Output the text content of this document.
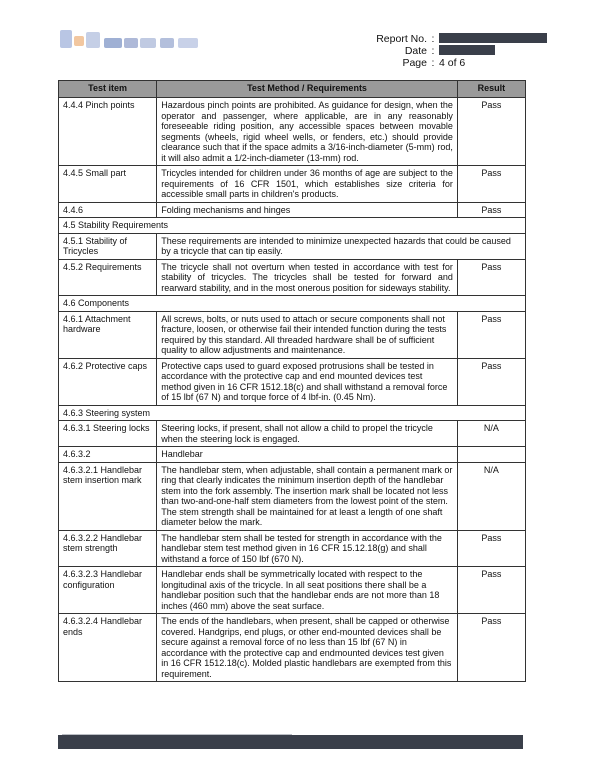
Report No. :
Date :
Page : 4 of 6
Test item	Test Method / Requirements	Result
4.4.4 Pinch points	Hazardous pinch points are prohibited. As guidance for design, when the operator and passenger, where applicable, are in any reasonably foreseeable riding position, any accessible spaces between movable segments (wheels, rigid wheel wells, or fenders, etc.) should provide clearance such that if the space admits a 3/16-inch-diameter (5-mm) rod, it will also admit a 1/2-inch-diameter (13-mm) rod.	Pass
4.4.5 Small part	Tricycles intended for children under 36 months of age are subject to the requirements of 16 CFR 1501, which establishes size criteria for accessible small parts in children's products.	Pass
4.4.6	Folding mechanisms and hinges	Pass
4.5 Stability Requirements		
4.5.1 Stability of Tricycles	These requirements are intended to minimize unexpected hazards that could be caused by a tricycle that can tip easily.	
4.5.2 Requirements	The tricycle shall not overturn when tested in accordance with test for stability of tricycles. The tricycles shall be tested for forward and rearward stability, and in the most onerous position for sideways stability.	Pass
4.6 Components		
4.6.1 Attachment hardware	All screws, bolts, or nuts used to attach or secure components shall not fracture, loosen, or otherwise fail their intended function during the tests required by this standard. All threaded hardware shall be of sufficient quality to allow adjustments and maintenance.	Pass
4.6.2 Protective caps	Protective caps used to guard exposed protrusions shall be tested in accordance with the protective cap and end mounted devices test method given in 16 CFR 1512.18(c) and shall withstand a removal force of 15 lbf (67 N) and torque force of 4 lbf-in. (0.45 Nm).	Pass
4.6.3 Steering system		
4.6.3.1 Steering locks	Steering locks, if present, shall not allow a child to propel the tricycle when the steering lock is engaged.	N/A
4.6.3.2	Handlebar	
4.6.3.2.1 Handlebar stem insertion mark	The handlebar stem, when adjustable, shall contain a permanent mark or ring that clearly indicates the minimum insertion depth of the handlebar stem into the fork assembly. The insertion mark shall be located not less than two-and-one-half stem diameters from the lowest point of the stem. The stem strength shall be maintained for at least a length of one shaft diameter below the mark.	N/A
4.6.3.2.2 Handlebar stem strength	The handlebar stem shall be tested for strength in accordance with the handlebar stem test method given in 16 CFR 15.12.18(g) and shall withstand a force of 150 lbf (670 N).	Pass
4.6.3.2.3 Handlebar configuration	Handlebar ends shall be symmetrically located with respect to the longitudinal axis of the tricycle. In all seat positions there shall be a handlebar position such that the handlebar ends are not more than 18 inches (460 mm) above the seat surface.	Pass
4.6.3.2.4 Handlebar ends	The ends of the handlebars, when present, shall be capped or otherwise covered. Handgrips, end plugs, or other end-mounted devices shall be secure against a removal force of no less than 15 lbf (67 N) in accordance with the protective cap and endmounted devices test given in 16 CFR 1512.18(c). Molded plastic handlebars are exempted from this requirement.	Pass
